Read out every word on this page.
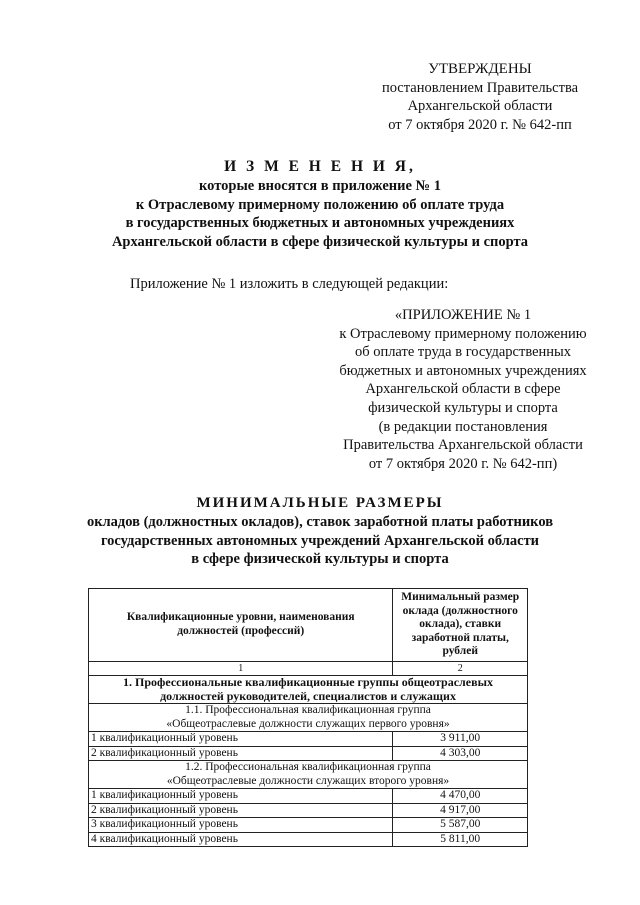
УТВЕРЖДЕНЫ
постановлением Правительства
Архангельской области
от 7 октября 2020 г. № 642-пп
И З М Е Н Е Н И Я,
которые вносятся в приложение № 1
к Отраслевому примерному положению об оплате труда
в государственных бюджетных и автономных учреждениях
Архангельской области в сфере физической культуры и спорта
Приложение № 1 изложить в следующей редакции:
«ПРИЛОЖЕНИЕ № 1
к Отраслевому примерному положению
об оплате труда в государственных
бюджетных и автономных учреждениях
Архангельской области в сфере
физической культуры и спорта
(в редакции постановления
Правительства Архангельской области
от 7 октября 2020 г. № 642-пп)
МИНИМАЛЬНЫЕ РАЗМЕРЫ
окладов (должностных окладов), ставок заработной платы работников
государственных автономных учреждений Архангельской области
в сфере физической культуры и спорта
Квалификационные уровни, наименования должностей (профессий)	Минимальный размер оклада (должностного оклада), ставки заработной платы, рублей
1	2
1. Профессиональные квалификационные группы общеотраслевых должностей руководителей, специалистов и служащих	

1.1. Профессиональная квалификационная группа
«Общеотраслевые должности служащих первого уровня»	

1 квалификационный уровень	3 911,00
2 квалификационный уровень	4 303,00

1.2. Профессиональная квалификационная группа
«Общеотраслевые должности служащих второго уровня»	

1 квалификационный уровень	4 470,00
2 квалификационный уровень	4 917,00
3 квалификационный уровень	5 587,00
4 квалификационный уровень	5 811,00
